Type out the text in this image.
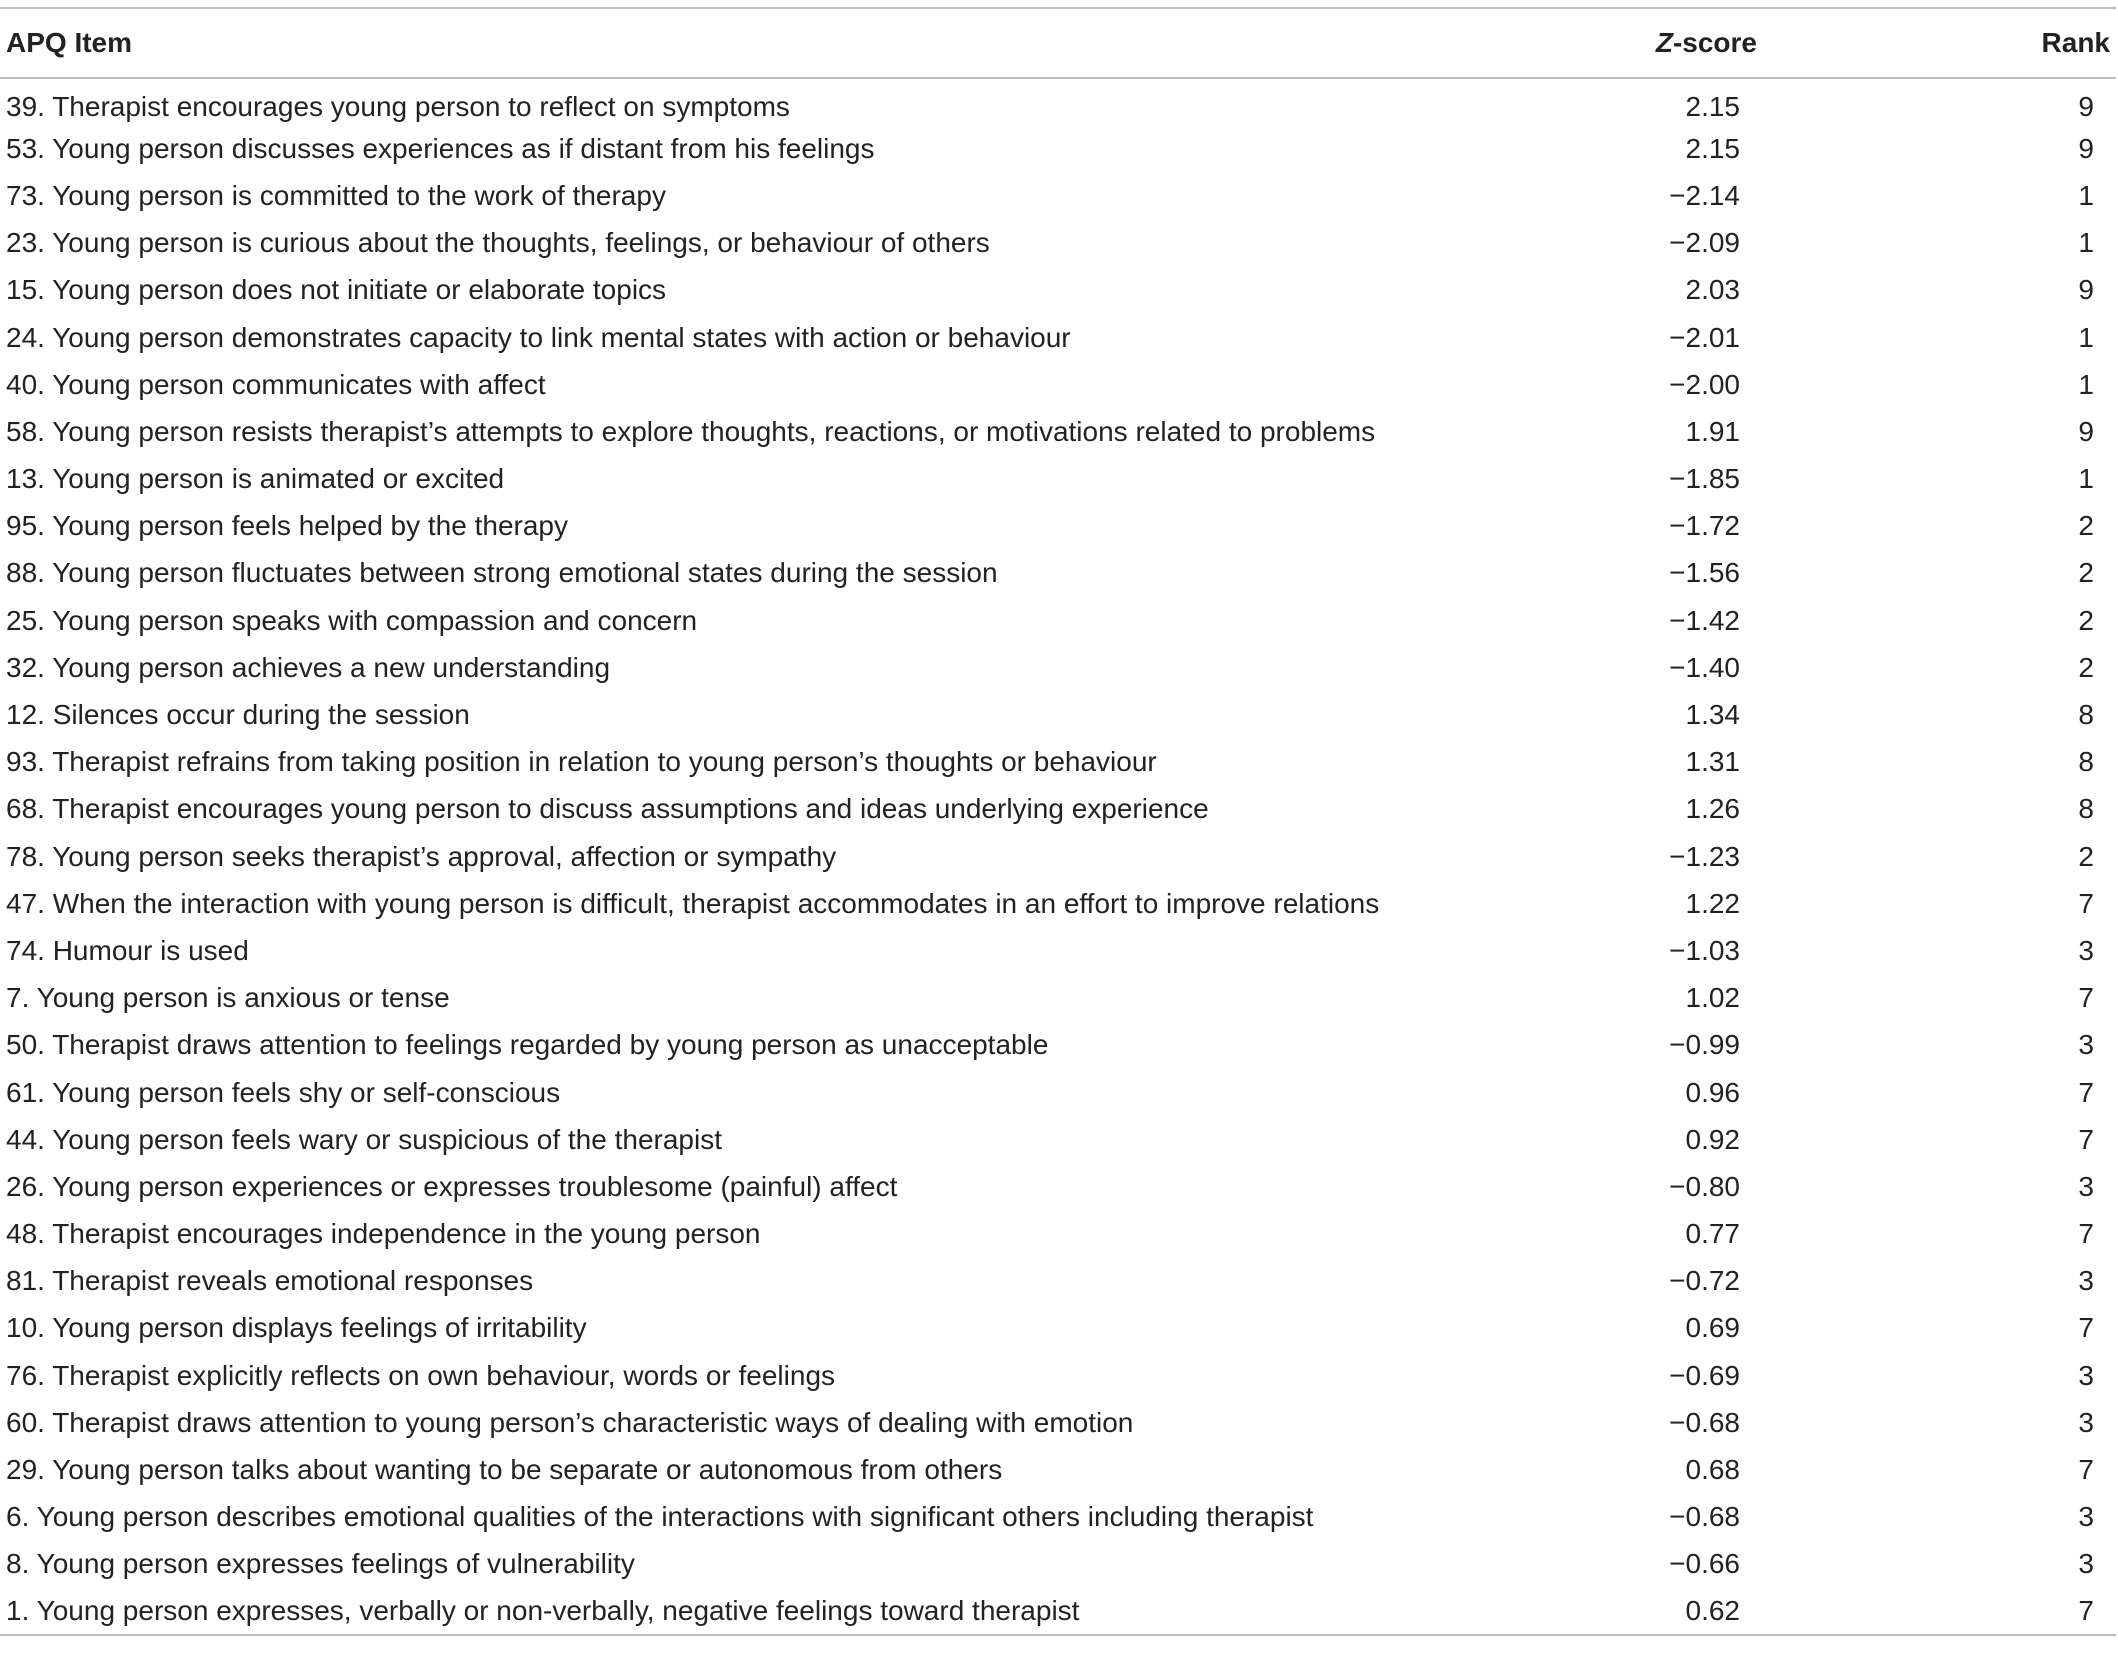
APQ Item	Z-score	Rank
39. Therapist encourages young person to reflect on symptoms	2.15	9
53. Young person discusses experiences as if distant from his feelings	2.15	9
73. Young person is committed to the work of therapy	−2.14	1
23. Young person is curious about the thoughts, feelings, or behaviour of others	−2.09	1
15. Young person does not initiate or elaborate topics	2.03	9
24. Young person demonstrates capacity to link mental states with action or behaviour	−2.01	1
40. Young person communicates with affect	−2.00	1
58. Young person resists therapist’s attempts to explore thoughts, reactions, or motivations related to problems	1.91	9
13. Young person is animated or excited	−1.85	1
95. Young person feels helped by the therapy	−1.72	2
88. Young person fluctuates between strong emotional states during the session	−1.56	2
25. Young person speaks with compassion and concern	−1.42	2
32. Young person achieves a new understanding	−1.40	2
12. Silences occur during the session	1.34	8
93. Therapist refrains from taking position in relation to young person’s thoughts or behaviour	1.31	8
68. Therapist encourages young person to discuss assumptions and ideas underlying experience	1.26	8
78. Young person seeks therapist’s approval, affection or sympathy	−1.23	2
47. When the interaction with young person is difficult, therapist accommodates in an effort to improve relations	1.22	7
74. Humour is used	−1.03	3
7. Young person is anxious or tense	1.02	7
50. Therapist draws attention to feelings regarded by young person as unacceptable	−0.99	3
61. Young person feels shy or self-conscious	0.96	7
44. Young person feels wary or suspicious of the therapist	0.92	7
26. Young person experiences or expresses troublesome (painful) affect	−0.80	3
48. Therapist encourages independence in the young person	0.77	7
81. Therapist reveals emotional responses	−0.72	3
10. Young person displays feelings of irritability	0.69	7
76. Therapist explicitly reflects on own behaviour, words or feelings	−0.69	3
60. Therapist draws attention to young person’s characteristic ways of dealing with emotion	−0.68	3
29. Young person talks about wanting to be separate or autonomous from others	0.68	7
6. Young person describes emotional qualities of the interactions with significant others including therapist	−0.68	3
8. Young person expresses feelings of vulnerability	−0.66	3
1. Young person expresses, verbally or non-verbally, negative feelings toward therapist	0.62	7
